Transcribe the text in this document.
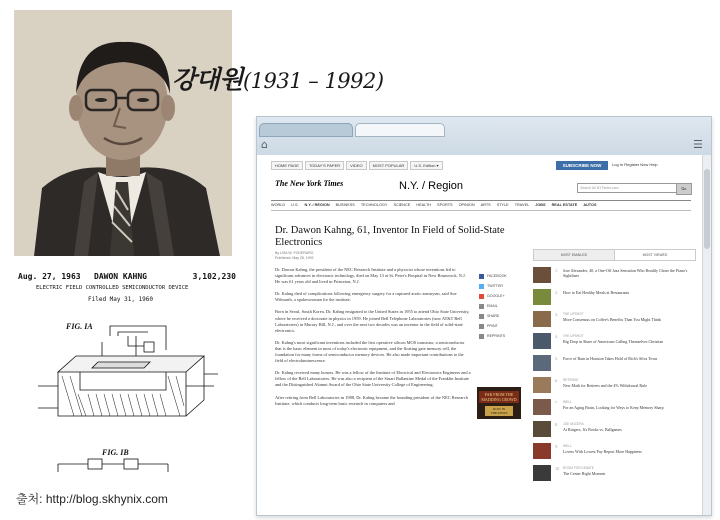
강대원(1931 – 1992)
Aug. 27, 1963 DAWON KAHNG	3,102,230
ELECTRIC FIELD CONTROLLED SEMICONDUCTOR DEVICE
Filed May 31, 1960
FIG. IA
FIG. IB
출처: http://blog.skhynix.com
⌂	☰
HOME PAGE	TODAY'S PAPER	VIDEO	MOST POPULAR	U.S. Edition ▾	SUBSCRIBE NOW	Log In Register Now Help
The New York Times	N.Y. / Region	Search All NYTimes.com	Go
WORLD U.S. N.Y. / REGION BUSINESS TECHNOLOGY SCIENCE HEALTH SPORTS OPINION ARTS STYLE TRAVEL JOBS REAL ESTATE AUTOS
Dr. Dawon Kahng, 61, Inventor In Field of Solid-State Electronics
By LISA W. FODERARO
Published: May 28, 1992

Dr. Dawon Kahng, the president of the NEC Research Institute and a physicist whose inventions led to significant advances in electronic technology, died on May 13 at St. Peter's Hospital in New Brunswick, N.J. He was 61 years old and lived in Princeton, N.J.

Dr. Kahng died of complications following emergency surgery for a ruptured aortic aneurysm, said Sue Wilmarth, a spokeswoman for the institute.

Born in Seoul, South Korea, Dr. Kahng emigrated to the United States in 1955 to attend Ohio State University, where he received a doctorate in physics in 1959. He joined Bell Telephone Laboratories (now AT&T Bell Laboratories) in Murray Hill, N.J., and over the next two decades was an inventor in the field of solid-state electronics.

Dr. Kahng's most significant inventions included the first operative silicon MOS transistor, a semiconductor that is the basic element in most of today's electronic equipment, and the floating gate memory cell, the foundation for many forms of semiconductor memory devices. He also made important contributions to the field of electroluminescence.

Dr. Kahng received many honors. He was a fellow of the Institute of Electrical and Electronics Engineers and a fellow of the Bell Laboratories. He was also a recipient of the Stuart Ballantine Medal of the Franklin Institute and the Distinguished Alumni Award of the Ohio State University College of Engineering.

After retiring from Bell Laboratories in 1988, Dr. Kahng became the founding president of the NEC Research Institute, which conducts long-term basic research in computers and

FACEBOOK
TWITTER
GOOGLE+
EMAIL
SHARE
PRINT
REPRINTS
FAR FROM THE MADDING CROWD
NOW IN THEATERS
MOST EMAILED	MOST VIEWED
1. Jose Alexander, 40, a One-Off Jazz Sensation Who Readily Chose the Piano's Sightlines
2. How to Eat Healthy Meals at Restaurants
3. THE UPSHOT
More Consensus on Coffee's Benefits Than You Might Think
4. THE UPSHOT
Big Drop in Share of Americans Calling Themselves Christian
5. Force of Rain in Houston Takes Hold of Rich's Silva Town
6. RETIRING
New Math for Retirees and the 4% Withdrawal Rule
7. WELL
For an Aging Brain, Looking for Ways to Keep Memory Sharp
8. JOE NOCERA
At Rutgers, It's Books vs. Ballgames
9. WELL
Lovers With Lowest Pay Report More Happiness
10. ROOM FOR DEBATE
The Center Right Moment
